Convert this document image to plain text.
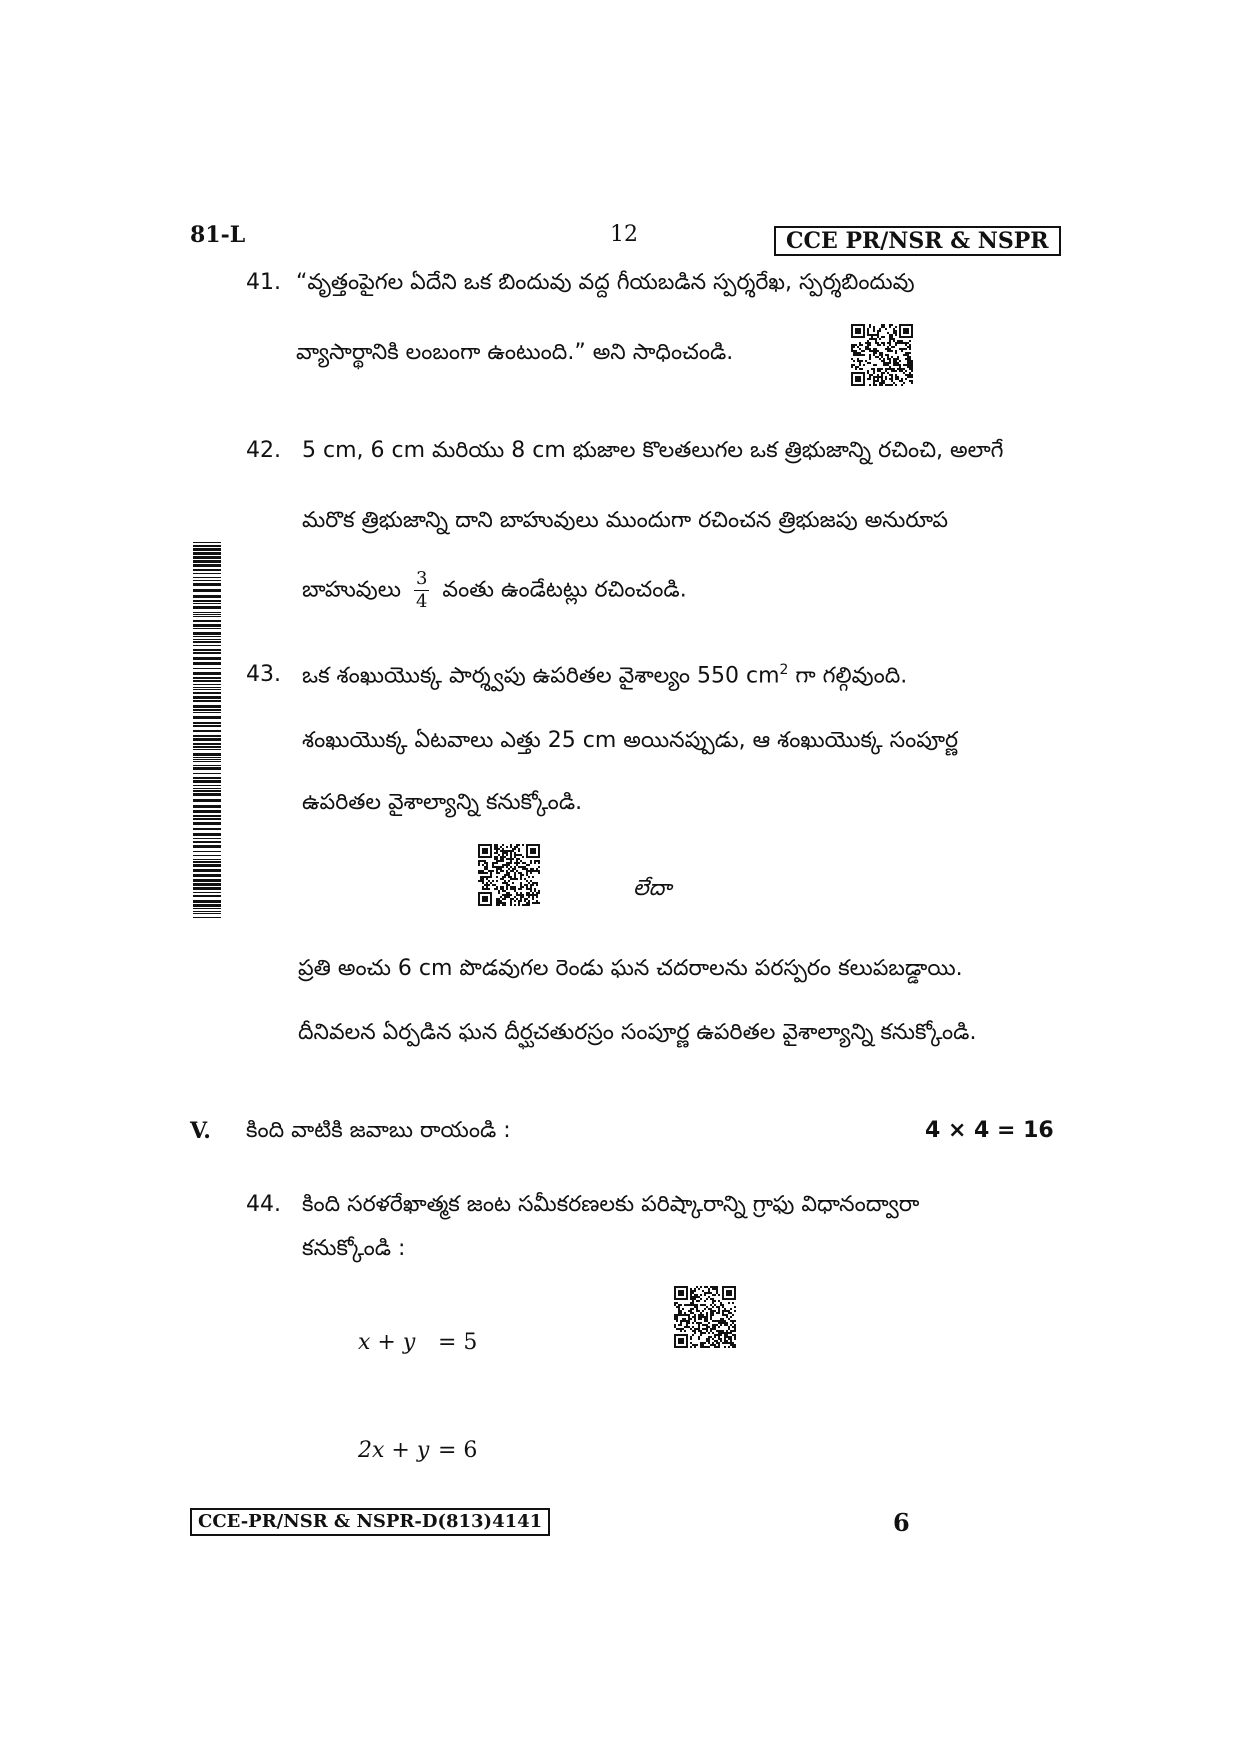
81-L	12	CCE PR/NSR & NSPR
41. “వృత్తంపైగల ఏదేని ఒక బిందువు వద్ద గీయబడిన స్పర్శరేఖ, స్పర్శబిందువు
వ్యాసార్థానికి లంబంగా ఉంటుంది.” అని సాధించండి.
42. 5 cm, 6 cm మరియు 8 cm భుజాల కొలతలుగల ఒక త్రిభుజాన్ని రచించి, అలాగే
మరొక త్రిభుజాన్ని దాని బాహువులు ముందుగా రచించన త్రిభుజపు అనురూప
బాహువులు $\frac{3}{4}$ వంతు ఉండేటట్లు రచించండి.
43. ఒక శంఖుయొక్క పార్శ్వపు ఉపరితల వైశాల్యం 550 $cm^2$ గా గల్గివుంది.
శంఖుయొక్క ఏటవాలు ఎత్తు 25 cm అయినప్పుడు, ఆ శంఖుయొక్క సంపూర్ణ
ఉపరితల వైశాల్యాన్ని కనుక్కోండి.
లేదా
ప్రతి అంచు 6 cm పొడవుగల రెండు ఘన చదరాలను పరస్పరం కలుపబడ్డాయి.
దీనివలన ఏర్పడిన ఘన దీర్ఘచతురస్రం సంపూర్ణ ఉపరితల వైశాల్యాన్ని కనుక్కోండి.
V. కింది వాటికి జవాబు రాయండి :	4 × 4 = 16
44. కింది సరళరేఖాత్మక జంట సమీకరణలకు పరిష్కారాన్ని గ్రాఫు విధానంద్వారా
కనుక్కోండి :
x + y = 5
2x + y = 6
CCE-PR/NSR & NSPR-D(813)4141	6
